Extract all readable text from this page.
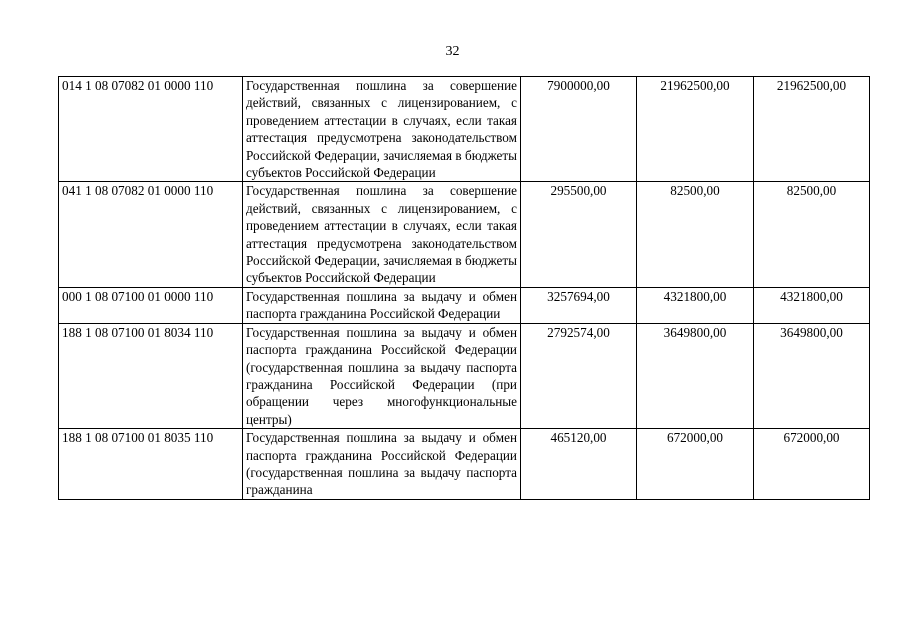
32
014 1 08 07082 01 0000 110	Государственная пошлина за совершение действий, связанных с лицензированием, с проведением аттестации в случаях, если такая аттестация предусмотрена законодательством Российской Федерации, зачисляемая в бюджеты субъектов Российской Федерации	7900000,00	21962500,00	21962500,00
041 1 08 07082 01 0000 110	Государственная пошлина за совершение действий, связанных с лицензированием, с проведением аттестации в случаях, если такая аттестация предусмотрена законодательством Российской Федерации, зачисляемая в бюджеты субъектов Российской Федерации	295500,00	82500,00	82500,00
000 1 08 07100 01 0000 110	Государственная пошлина за выдачу и обмен паспорта гражданина Российской Федерации	3257694,00	4321800,00	4321800,00
188 1 08 07100 01 8034 110	Государственная пошлина за выдачу и обмен паспорта гражданина Российской Федерации (государственная пошлина за выдачу паспорта гражданина Российской Федерации (при обращении через многофункциональные центры)	2792574,00	3649800,00	3649800,00
188 1 08 07100 01 8035 110	Государственная пошлина за выдачу и обмен паспорта гражданина Российской Федерации (государственная пошлина за выдачу паспорта гражданина	465120,00	672000,00	672000,00
